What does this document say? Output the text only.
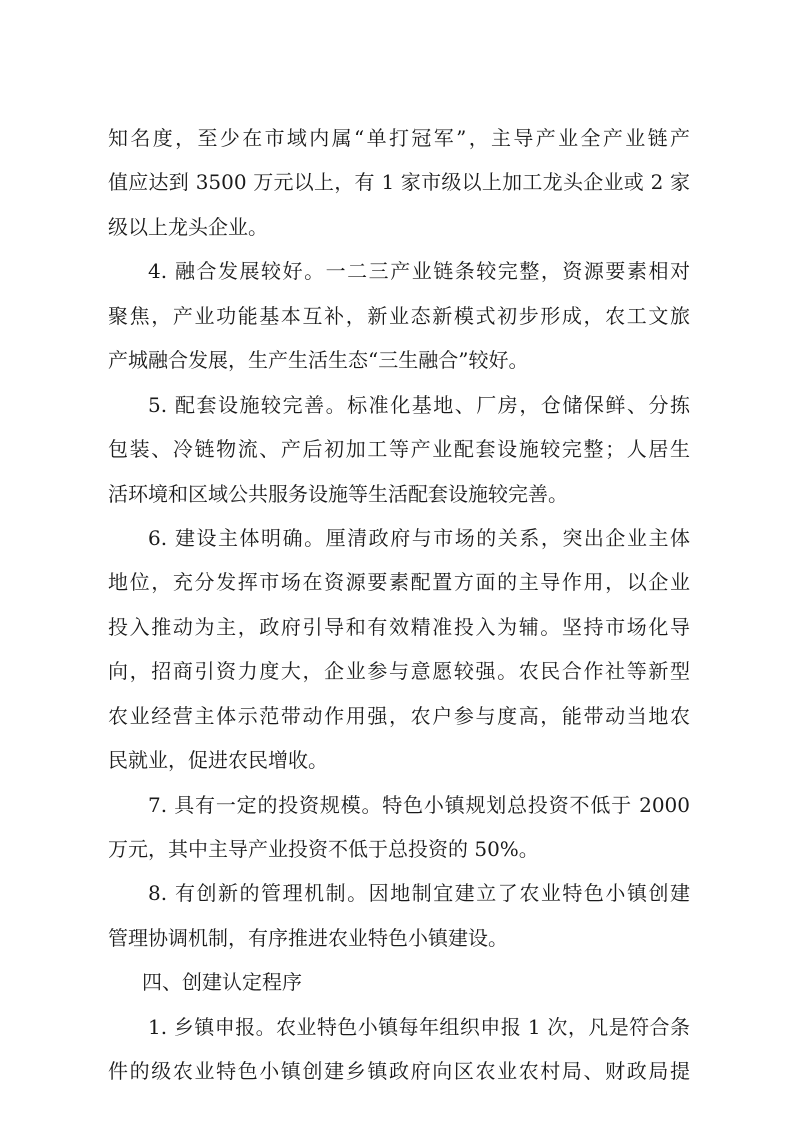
知名度，至少在市域内属“单打冠军”，主导产业全产业链产
值应达到 3500 万元以上，有 1 家市级以上加工龙头企业或 2 家
级以上龙头企业。
4. 融合发展较好。一二三产业链条较完整，资源要素相对
聚焦，产业功能基本互补，新业态新模式初步形成，农工文旅
产城融合发展，生产生活生态“三生融合”较好。
5. 配套设施较完善。标准化基地、厂房，仓储保鲜、分拣
包装、冷链物流、产后初加工等产业配套设施较完整；人居生
活环境和区域公共服务设施等生活配套设施较完善。
6. 建设主体明确。厘清政府与市场的关系，突出企业主体
地位，充分发挥市场在资源要素配置方面的主导作用，以企业
投入推动为主，政府引导和有效精准投入为辅。坚持市场化导
向，招商引资力度大，企业参与意愿较强。农民合作社等新型
农业经营主体示范带动作用强，农户参与度高，能带动当地农
民就业，促进农民增收。
7. 具有一定的投资规模。特色小镇规划总投资不低于 2000
万元，其中主导产业投资不低于总投资的 50%。
8. 有创新的管理机制。因地制宜建立了农业特色小镇创建
管理协调机制，有序推进农业特色小镇建设。
四、创建认定程序
1. 乡镇申报。农业特色小镇每年组织申报 1 次，凡是符合条
件的级农业特色小镇创建乡镇政府向区农业农村局、财政局提
